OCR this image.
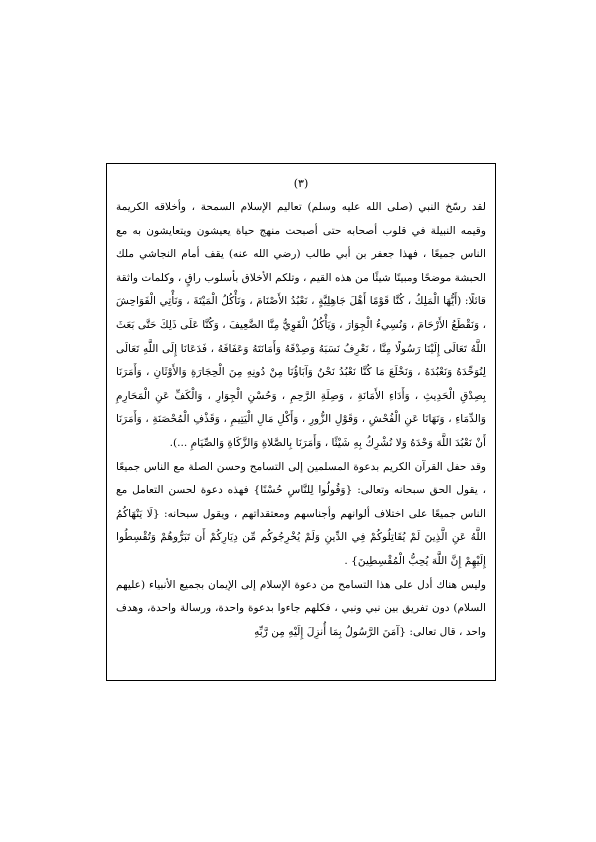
(٣)

لقد رسّخ النبي (صلى الله عليه وسلم) تعاليم الإسلام السمحة ، وأخلاقه الكريمة وقيمه النبيلة في قلوب أصحابه حتى أصبحت منهج حياة يعيشون ويتعايشون به مع الناس جميعًا ، فهذا جعفر بن أبي طالب (رضي الله عنه) يقف أمام النجاشي ملك الحبشة موضحًا ومبينًا شيئًا من هذه القيم ، وتلكم الأخلاق بأسلوب راقٍ ، وكلمات واثقة قائلًا: (أَيُّهَا الْمَلِكُ ، كُنَّا قَوْمًا أَهْلَ جَاهِلِيَّةٍ ، نَعْبُدُ الأَصْنَامَ ، وَنَأْكُلُ الْمَيْتَةَ ، وَنَأْتِي الْفَوَاحِشَ ، وَنَقْطَعُ الأَرْحَامَ ، وَنُسِيءُ الْجِوَارَ ، وَيَأْكُلُ الْقَوِيُّ مِنَّا الضَّعِيفَ ، وَكُنَّا عَلَى ذَلِكَ حَتَّى بَعَثَ اللَّهُ تَعَالَى إِلَيْنَا رَسُولًا مِنَّا ، نَعْرِفُ نَسَبَهُ وَصِدْقَهُ وَأَمَانَتَهُ وَعَفَافَهُ ، فَدَعَانَا إِلَى اللَّهِ تَعَالَى لِنُوَحِّدَهُ وَنَعْبُدَهُ ، وَنَخْلَعَ مَا كُنَّا نَعْبُدُ نَحْنُ وَآبَاؤُنَا مِنْ دُونِهِ مِنَ الْحِجَارَةِ وَالأَوْثَانِ ، وَأَمَرَنَا بِصِدْقِ الْحَدِيثِ ، وَأَدَاءِ الأَمَانَةِ ، وَصِلَةِ الرَّحِمِ ، وَحُسْنِ الْجِوَارِ ، وَالْكَفِّ عَنِ الْمَحَارِمِ وَالدِّمَاءِ ، وَنَهَانَا عَنِ الْفُحْشِ ، وَقَوْلِ الزُّورِ ، وَأَكْلِ مَالِ الْيَتِيمِ ، وَقَذْفِ الْمُحْصَنَةِ ، وَأَمَرَنَا أَنْ نَعْبُدَ اللَّهَ وَحْدَهُ وَلا نُشْرِكُ بِهِ شَيْئًا ، وَأَمَرَنَا بِالصَّلاةِ وَالزَّكَاةِ وَالصِّيَامِ ...).

وقد حفل القرآن الكريم بدعوة المسلمين إلى التسامح وحسن الصلة مع الناس جميعًا ، يقول الحق سبحانه وتعالى: {وَقُولُوا لِلنَّاسِ حُسْنًا} فهذه دعوة لحسن التعامل مع الناس جميعًا على اختلاف ألوانهم وأجناسهم ومعتقداتهم ، ويقول سبحانه: {لَا يَنْهَاكُمُ اللَّهُ عَنِ الَّذِينَ لَمْ يُقَاتِلُوكُمْ فِي الدِّينِ وَلَمْ يُخْرِجُوكُم مِّن دِيَارِكُمْ أَن تَبَرُّوهُمْ وَتُقْسِطُوا إِلَيْهِمْ إِنَّ اللَّهَ يُحِبُّ الْمُقْسِطِينَ} .

وليس هناك أدل على هذا التسامح من دعوة الإسلام إلى الإيمان بجميع الأنبياء (عليهم السلام) دون تفريق بين نبي ونبي ، فكلهم جاءوا بدعوة واحدة، ورسالة واحدة، وهدف واحد ، قال تعالى: {آمَنَ الرَّسُولُ بِمَا أُنزِلَ إِلَيْهِ مِن رَّبِّهِ
